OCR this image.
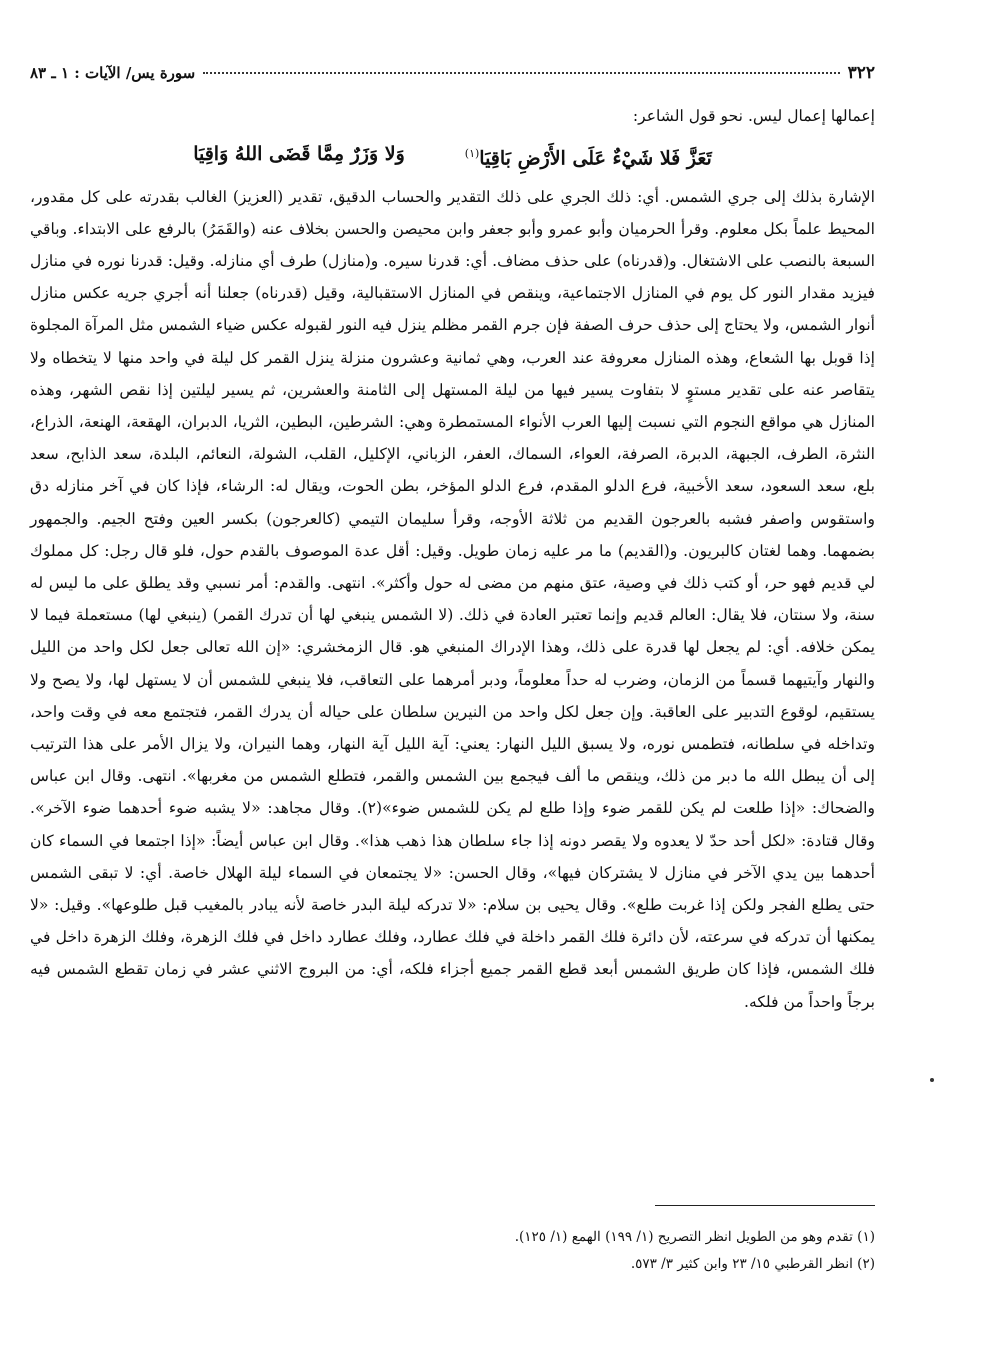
٣٢٢
سورة يس/ الآيات : ١ ـ ٨٣

إعمالها إعمال ليس. نحو قول الشاعر:

تَعَزَّ فَلا شَيْءٌ عَلَى الأَرْضِ بَاقِيَا$^{(١)}$
وَلا وَزَرٌ مِمَّا قَضَى اللهُ وَاقِيَا

الإشارة بذلك إلى جري الشمس. أي: ذلك الجري على ذلك التقدير والحساب الدقيق، تقدير (العزيز) الغالب بقدرته على كل مقدور، المحيط علماً بكل معلوم. وقرأ الحرميان وأبو عمرو وأبو جعفر وابن محيصن والحسن بخلاف عنه (والقَمَرُ) بالرفع على الابتداء. وباقي السبعة بالنصب على الاشتغال. و(قدرناه) على حذف مضاف. أي: قدرنا سيره. و(منازل) طرف أي منازله. وقيل: قدرنا نوره في منازل فيزيد مقدار النور كل يوم في المنازل الاجتماعية، وينقص في المنازل الاستقبالية، وقيل (قدرناه) جعلنا أنه أجري جريه عكس منازل أنوار الشمس، ولا يحتاج إلى حذف حرف الصفة فإن جرم القمر مظلم ينزل فيه النور لقبوله عكس ضياء الشمس مثل المرآة المجلوة إذا قوبل بها الشعاع، وهذه المنازل معروفة عند العرب، وهي ثمانية وعشرون منزلة ينزل القمر كل ليلة في واحد منها لا يتخطاه ولا يتقاصر عنه على تقدير مستوٍ لا بتفاوت يسير فيها من ليلة المستهل إلى الثامنة والعشرين، ثم يسير ليلتين إذا نقص الشهر، وهذه المنازل هي مواقع النجوم التي نسبت إليها العرب الأنواء المستمطرة وهي: الشرطين، البطين، الثريا، الدبران، الهقعة، الهنعة، الذراع، النثرة، الطرف، الجبهة، الدبرة، الصرفة، العواء، السماك، العفر، الزباني، الإكليل، القلب، الشولة، النعائم، البلدة، سعد الذابح، سعد بلع، سعد السعود، سعد الأخبية، فرع الدلو المقدم، فرع الدلو المؤخر، بطن الحوت، ويقال له: الرشاء، فإذا كان في آخر منازله دق واستقوس واصفر فشبه بالعرجون القديم من ثلاثة الأوجه، وقرأ سليمان التيمي (كالعرجون) بكسر العين وفتح الجيم. والجمهور بضمهما. وهما لغتان كالبريون. و(القديم) ما مر عليه زمان طويل. وقيل: أقل عدة الموصوف بالقدم حول، فلو قال رجل: كل مملوك لي قديم فهو حر، أو كتب ذلك في وصية، عتق منهم من مضى له حول وأكثر». انتهى. والقدم: أمر نسبي وقد يطلق على ما ليس له سنة، ولا سنتان، فلا يقال: العالم قديم وإنما تعتبر العادة في ذلك. (لا الشمس ينبغي لها أن تدرك القمر) (ينبغي لها) مستعملة فيما لا يمكن خلافه. أي: لم يجعل لها قدرة على ذلك، وهذا الإدراك المنبغي هو. قال الزمخشري: «إن الله تعالى جعل لكل واحد من الليل والنهار وآيتيهما قسماً من الزمان، وضرب له حداً معلوماً، ودبر أمرهما على التعاقب، فلا ينبغي للشمس أن لا يستهل لها، ولا يصح ولا يستقيم، لوقوع التدبير على العاقبة. وإن جعل لكل واحد من النيرين سلطان على حياله أن يدرك القمر، فتجتمع معه في وقت واحد، وتداخله في سلطانه، فتطمس نوره، ولا يسبق الليل النهار: يعني: آية الليل آية النهار، وهما النيران، ولا يزال الأمر على هذا الترتيب إلى أن يبطل الله ما دبر من ذلك، وينقص ما ألف فيجمع بين الشمس والقمر، فتطلع الشمس من مغربها». انتهى. وقال ابن عباس والضحاك: «إذا طلعت لم يكن للقمر ضوء وإذا طلع لم يكن للشمس ضوء»(٢). وقال مجاهد: «لا يشبه ضوء أحدهما ضوء الآخر». وقال قتادة: «لكل أحد حدّ لا يعدوه ولا يقصر دونه إذا جاء سلطان هذا ذهب هذا». وقال ابن عباس أيضاً: «إذا اجتمعا في السماء كان أحدهما بين يدي الآخر في منازل لا يشتركان فيها»، وقال الحسن: «لا يجتمعان في السماء ليلة الهلال خاصة. أي: لا تبقى الشمس حتى يطلع الفجر ولكن إذا غربت طلع». وقال يحيى بن سلام: «لا تدركه ليلة البدر خاصة لأنه يبادر بالمغيب قبل طلوعها». وقيل: «لا يمكنها أن تدركه في سرعته، لأن دائرة فلك القمر داخلة في فلك عطارد، وفلك عطارد داخل في فلك الزهرة، وفلك الزهرة داخل في فلك الشمس، فإذا كان طريق الشمس أبعد قطع القمر جميع أجزاء فلكه، أي: من البروج الاثني عشر في زمان تقطع الشمس فيه برجاً واحداً من فلكه.

(١) تقدم وهو من الطويل انظر التصريح (١/ ١٩٩) الهمع (١/ ١٢٥).

(٢) انظر القرطبي ١٥/ ٢٣ وابن كثير ٣/ ٥٧٣.
